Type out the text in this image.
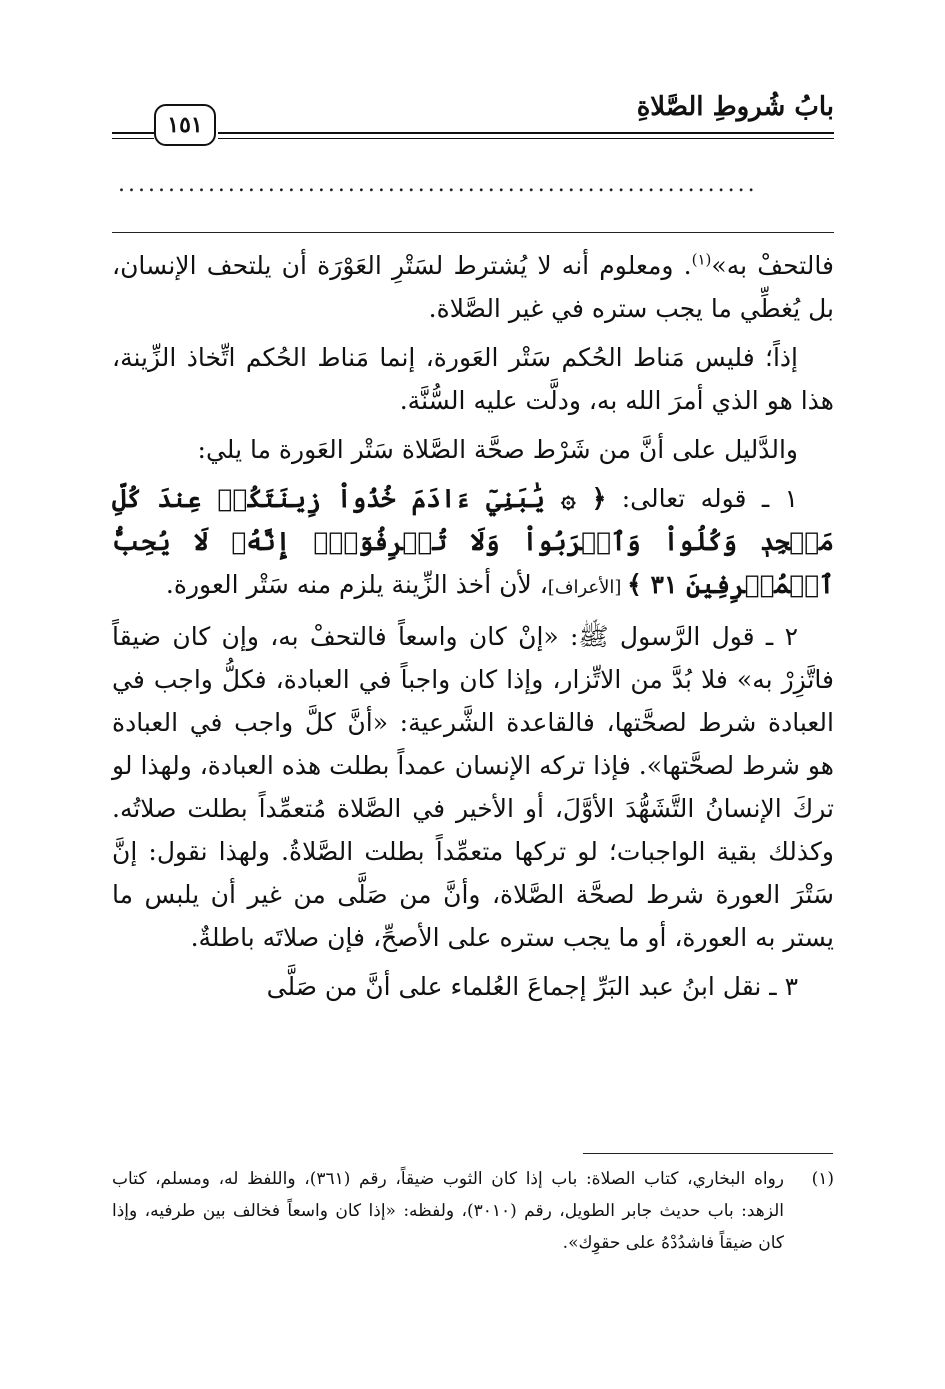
بابُ شُروطِ الصَّلاةِ
١٥١
................................................................

فالتحفْ به»$^{(١)}$. ومعلوم أنه لا يُشترط لسَتْرِ العَوْرَة أن يلتحف الإنسان، بل يُغطِّي ما يجب ستره في غير الصَّلاة.

إذاً؛ فليس مَناط الحُكم سَتْر العَورة، إنما مَناط الحُكم اتِّخاذ الزِّينة، هذا هو الذي أمرَ الله به، ودلَّت عليه السُّنَّة.

والدَّليل على أنَّ من شَرْط صحَّة الصَّلاة سَتْر العَورة ما يلي:

١ ـ قوله تعالى: ﴿ ۞ يَٰبَنِيٓ ءَادَمَ خُذُواْ زِينَتَكُمۡ عِندَ كُلِّ مَسۡجِدٖ وَكُلُواْ وَٱشۡرَبُواْ وَلَا تُسۡرِفُوٓاْۚ إِنَّهُۥ لَا يُحِبُّ ٱلۡمُسۡرِفِينَ ٣١ ﴾ [الأعراف]، لأن أخذ الزِّينة يلزم منه سَتْر العورة.

٢ ـ قول الرَّسول ﷺ: «إنْ كان واسعاً فالتحفْ به، وإن كان ضيقاً فاتَّزِرْ به» فلا بُدَّ من الاتِّزار، وإذا كان واجباً في العبادة، فكلُّ واجب في العبادة شرط لصحَّتها، فالقاعدة الشَّرعية: «أنَّ كلَّ واجب في العبادة هو شرط لصحَّتها». فإذا تركه الإنسان عمداً بطلت هذه العبادة، ولهذا لو تركَ الإنسانُ التَّشَهُّدَ الأوَّلَ، أو الأخير في الصَّلاة مُتعمِّداً بطلت صلاتُه. وكذلك بقية الواجبات؛ لو تركها متعمِّداً بطلت الصَّلاةُ. ولهذا نقول: إنَّ سَتْرَ العورة شرط لصحَّة الصَّلاة، وأنَّ من صَلَّى من غير أن يلبس ما يستر به العورة، أو ما يجب ستره على الأصحِّ، فإن صلاتَه باطلةٌ.

٣ ـ نقل ابنُ عبد البَرِّ إجماعَ العُلماء على أنَّ من صَلَّى

(١)
رواه البخاري، كتاب الصلاة: باب إذا كان الثوب ضيقاً، رقم (٣٦١)، واللفظ له، ومسلم، كتاب الزهد: باب حديث جابر الطويل، رقم (٣٠١٠)، ولفظه: «إذا كان واسعاً فخالف بين طرفيه، وإذا كان ضيقاً فاشدُدْهُ على حقوِك».
